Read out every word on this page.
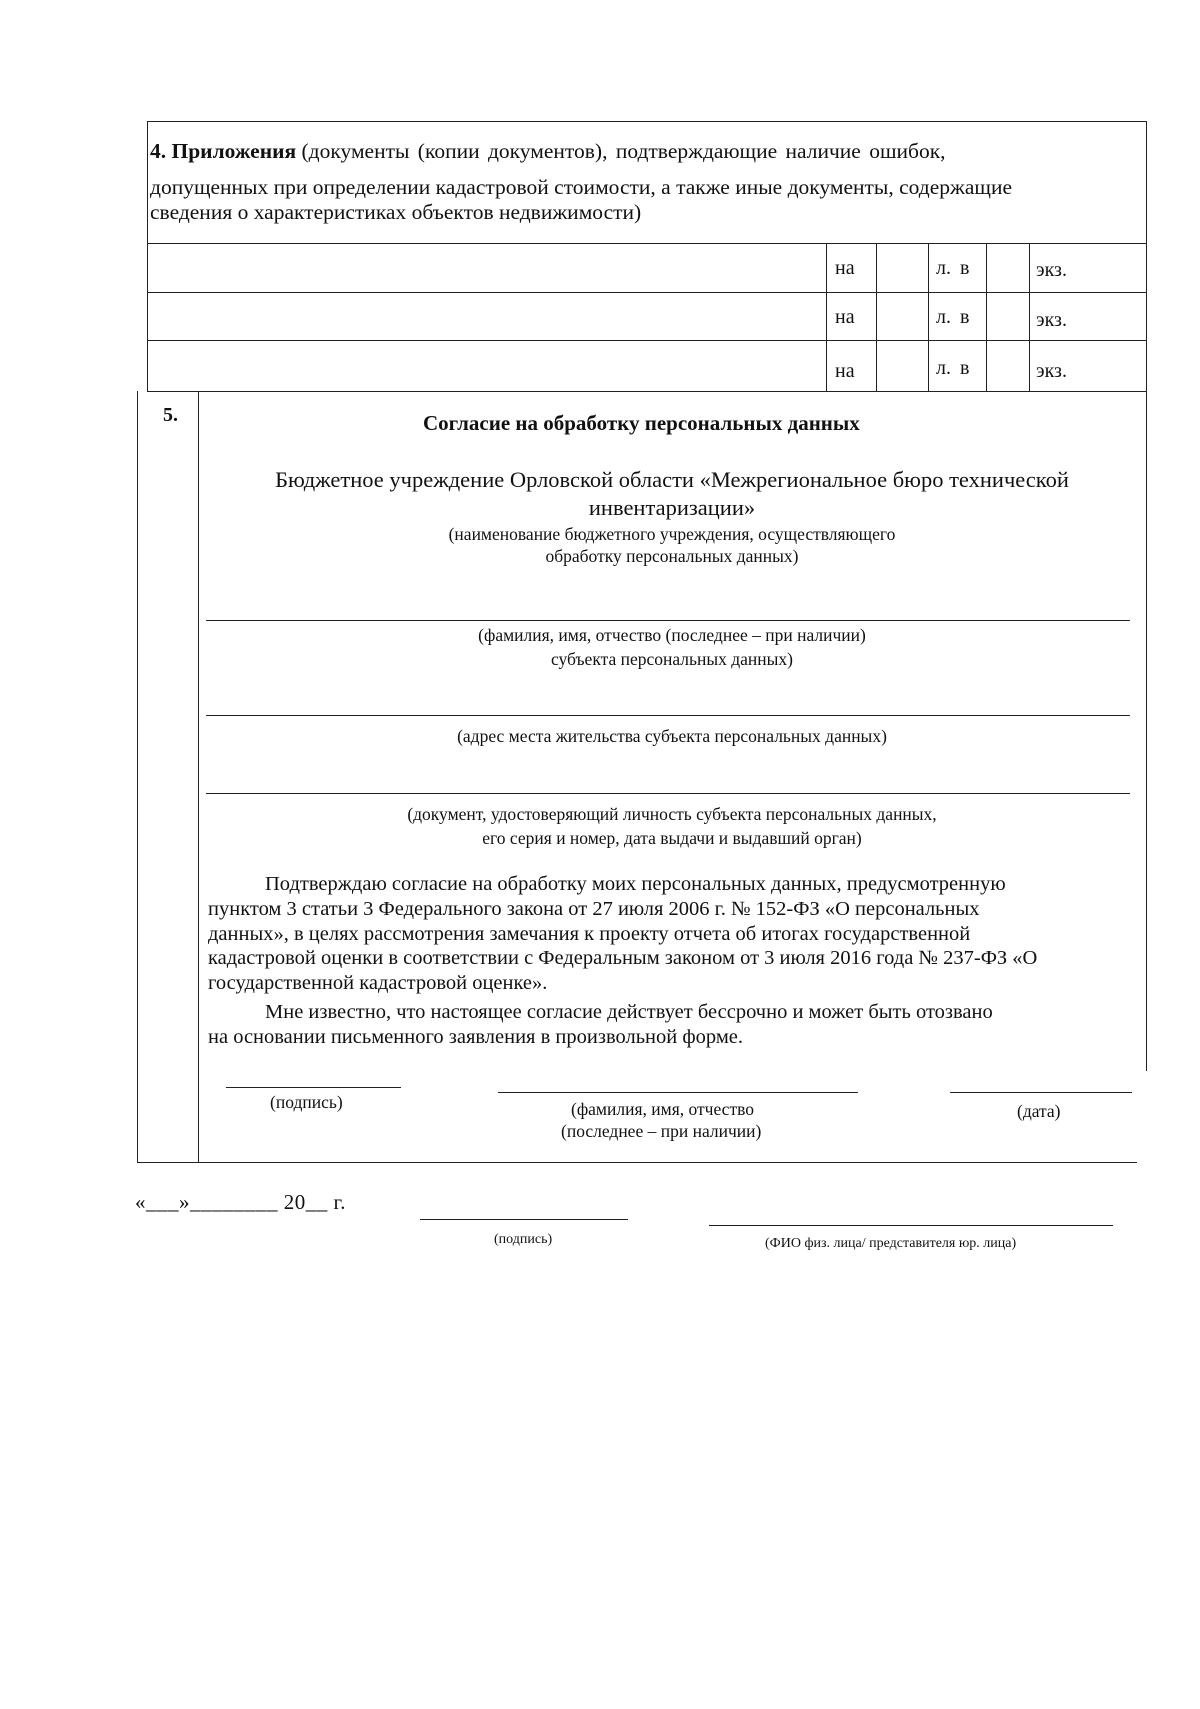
4. Приложения (документы (копии документов), подтверждающие наличие ошибок,
допущенных при определении кадастровой стоимости, а также иные документы, содержащие
сведения о характеристиках объектов недвижимости)
на	л. в	экз.
на	л. в	экз.
на	л. в	экз.
5.	Согласие на обработку персональных данных
Бюджетное учреждение Орловской области «Межрегиональное бюро технической
инвентаризации»
(наименование бюджетного учреждения, осуществляющего
обработку персональных данных)
(фамилия, имя, отчество (последнее – при наличии)
субъекта персональных данных)
(адрес места жительства субъекта персональных данных)
(документ, удостоверяющий личность субъекта персональных данных,
его серия и номер, дата выдачи и выдавший орган)
Подтверждаю согласие на обработку моих персональных данных, предусмотренную
пунктом 3 статьи 3 Федерального закона от 27 июля 2006 г. № 152-ФЗ «О персональных
данных», в целях рассмотрения замечания к проекту отчета об итогах государственной
кадастровой оценки в соответствии с Федеральным законом от 3 июля 2016 года № 237-ФЗ «О
государственной кадастровой оценке».
Мне известно, что настоящее согласие действует бессрочно и может быть отозвано
на основании письменного заявления в произвольной форме.
(подпись)	(фамилия, имя, отчество
(последнее – при наличии)
(дата)
«___»________ 20__ г.
(подпись)	(ФИО физ. лица/ представителя юр. лица)
